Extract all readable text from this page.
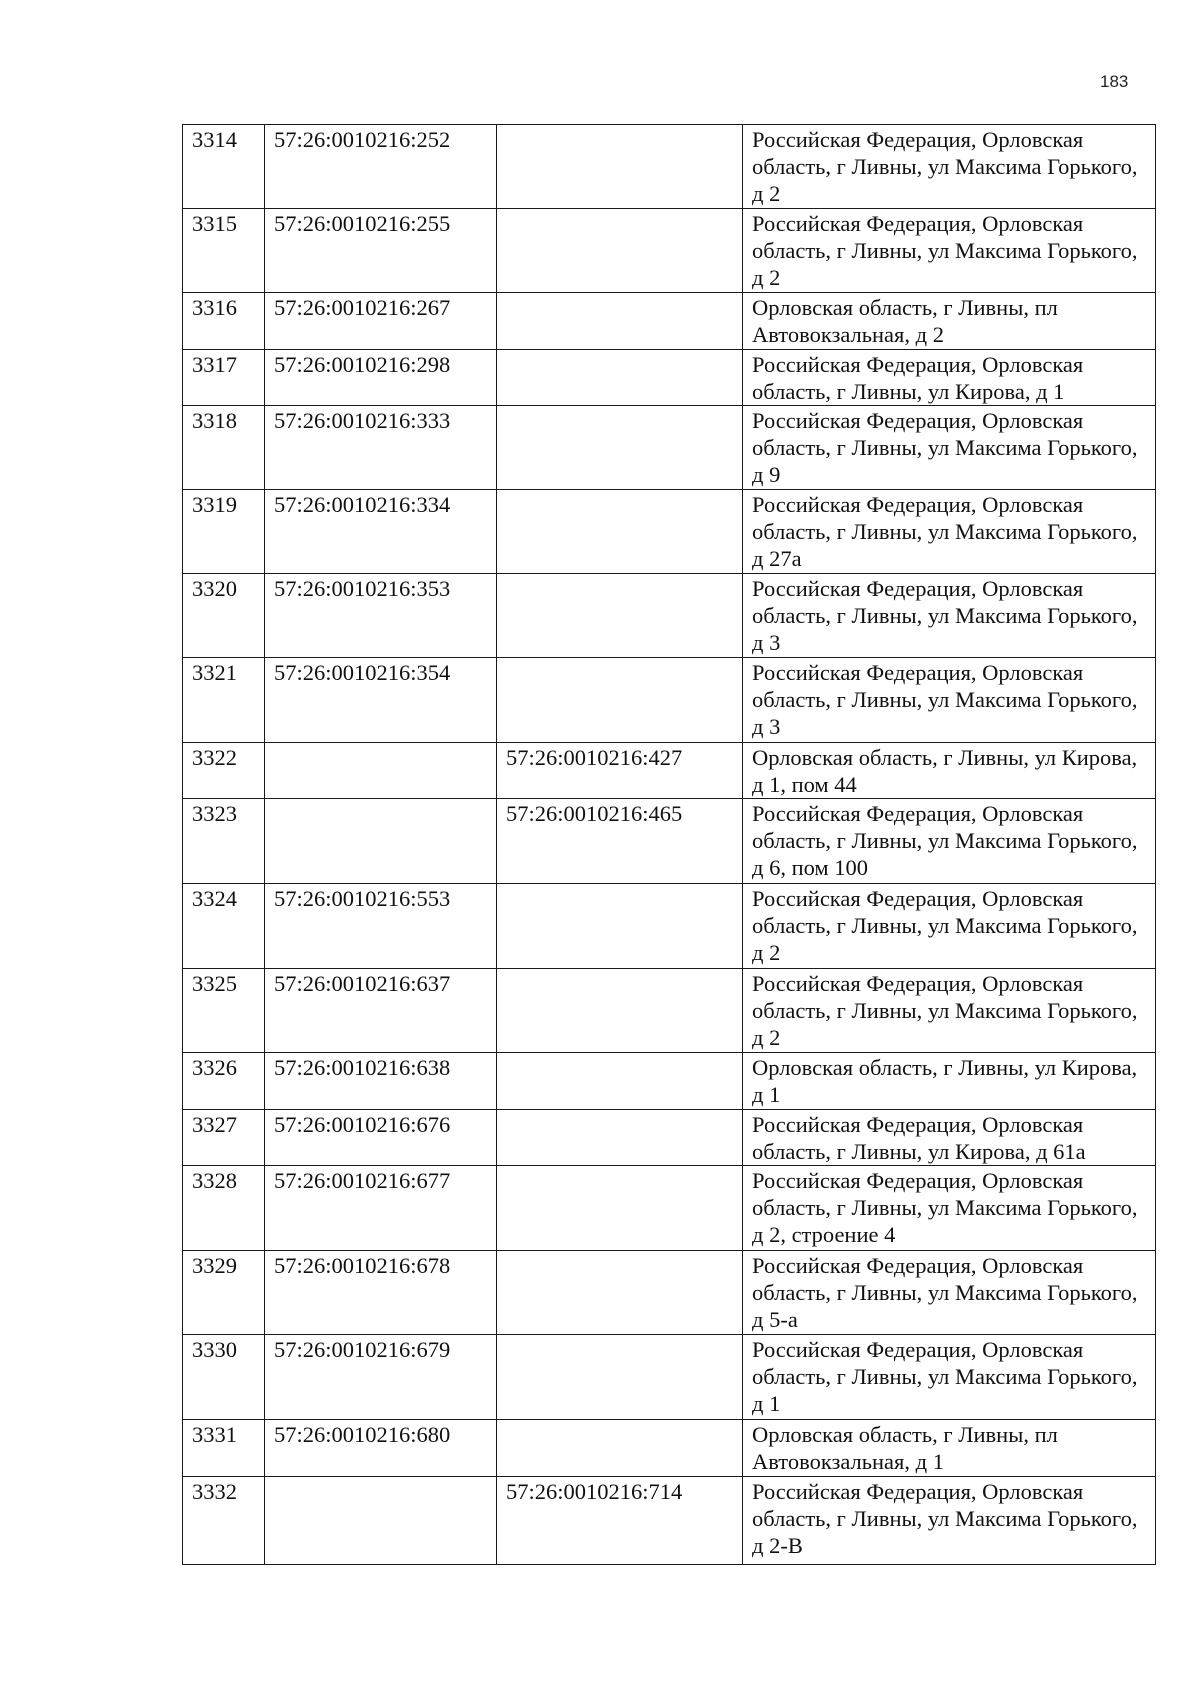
183
3314	57:26:0010216:252		Российская Федерация, Орловская область, г Ливны, ул Максима Горького, д 2
3315	57:26:0010216:255		Российская Федерация, Орловская область, г Ливны, ул Максима Горького, д 2
3316	57:26:0010216:267		Орловская область, г Ливны, пл Автовокзальная, д 2
3317	57:26:0010216:298		Российская Федерация, Орловская область, г Ливны, ул Кирова, д 1
3318	57:26:0010216:333		Российская Федерация, Орловская область, г Ливны, ул Максима Горького, д 9
3319	57:26:0010216:334		Российская Федерация, Орловская область, г Ливны, ул Максима Горького, д 27а
3320	57:26:0010216:353		Российская Федерация, Орловская область, г Ливны, ул Максима Горького, д 3
3321	57:26:0010216:354		Российская Федерация, Орловская область, г Ливны, ул Максима Горького, д 3
3322		57:26:0010216:427	Орловская область, г Ливны, ул Кирова, д 1, пом 44
3323		57:26:0010216:465	Российская Федерация, Орловская область, г Ливны, ул Максима Горького, д 6, пом 100
3324	57:26:0010216:553		Российская Федерация, Орловская область, г Ливны, ул Максима Горького, д 2
3325	57:26:0010216:637		Российская Федерация, Орловская область, г Ливны, ул Максима Горького, д 2
3326	57:26:0010216:638		Орловская область, г Ливны, ул Кирова, д 1
3327	57:26:0010216:676		Российская Федерация, Орловская область, г Ливны, ул Кирова, д 61а
3328	57:26:0010216:677		Российская Федерация, Орловская область, г Ливны, ул Максима Горького, д 2, строение 4
3329	57:26:0010216:678		Российская Федерация, Орловская область, г Ливны, ул Максима Горького, д 5-а
3330	57:26:0010216:679		Российская Федерация, Орловская область, г Ливны, ул Максима Горького, д 1
3331	57:26:0010216:680		Орловская область, г Ливны, пл Автовокзальная, д 1
3332		57:26:0010216:714	Российская Федерация, Орловская область, г Ливны, ул Максима Горького, д 2-В
